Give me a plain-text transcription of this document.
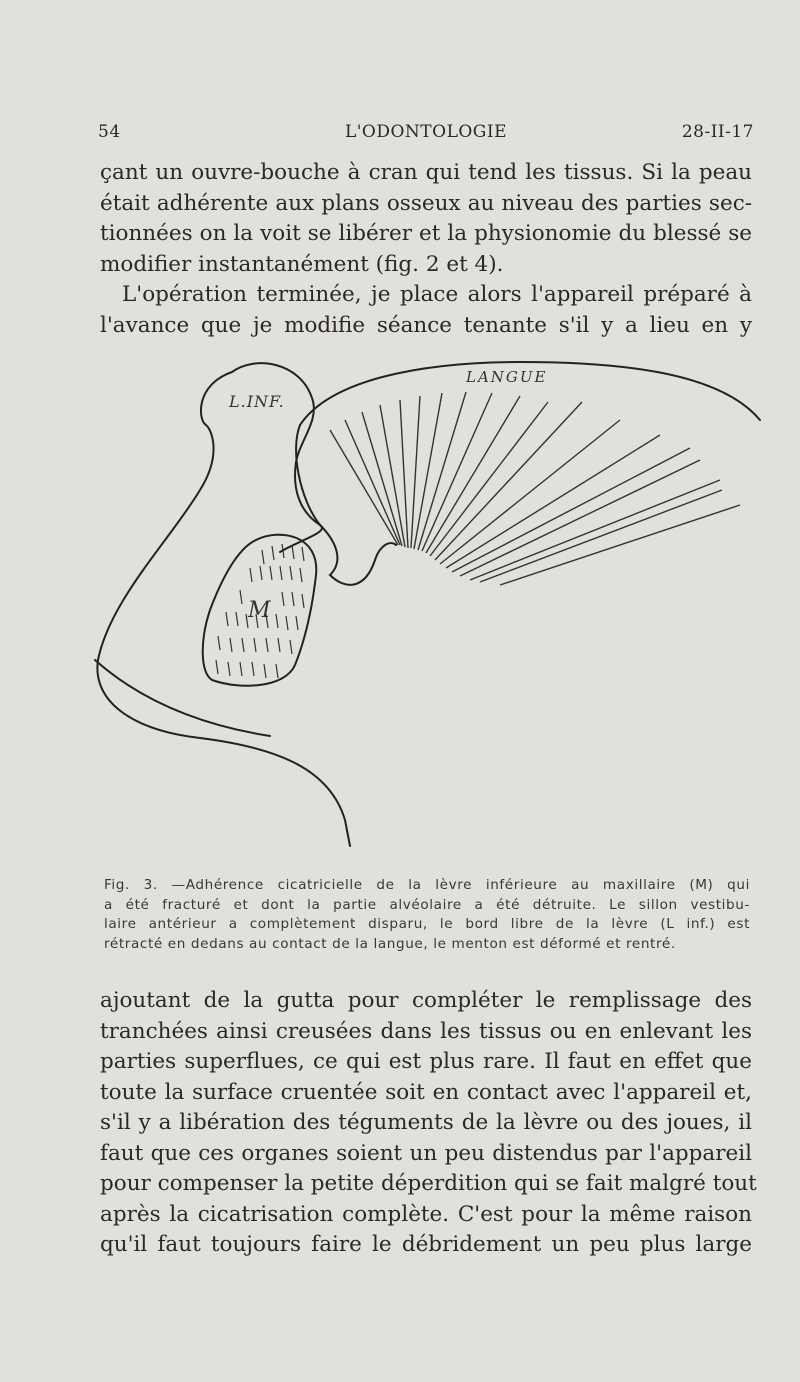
54	L'ODONTOLOGIE	28-II-17

çant un ouvre-bouche à cran qui tend les tissus. Si la peau
était adhérente aux plans osseux au niveau des parties sec-
tionnées on la voit se libérer et la physionomie du blessé se
modifier instantanément (fig. 2 et 4).
L'opération terminée, je place alors l'appareil préparé à
l'avance que je modifie séance tenante s'il y a lieu en y

L.INF.
LANGUE
M
Fig. 3. —Adhérence cicatricielle de la lèvre inférieure au maxillaire (M) qui
a été fracturé et dont la partie alvéolaire a été détruite. Le sillon vestibu-
laire antérieur a complètement disparu, le bord libre de la lèvre (L inf.) est
rétracté en dedans au contact de la langue, le menton est déformé et rentré.

ajoutant de la gutta pour compléter le remplissage des
tranchées ainsi creusées dans les tissus ou en enlevant les
parties superflues, ce qui est plus rare. Il faut en effet que
toute la surface cruentée soit en contact avec l'appareil et,
s'il y a libération des téguments de la lèvre ou des joues, il
faut que ces organes soient un peu distendus par l'appareil
pour compenser la petite déperdition qui se fait malgré tout
après la cicatrisation complète. C'est pour la même raison
qu'il faut toujours faire le débridement un peu plus large
